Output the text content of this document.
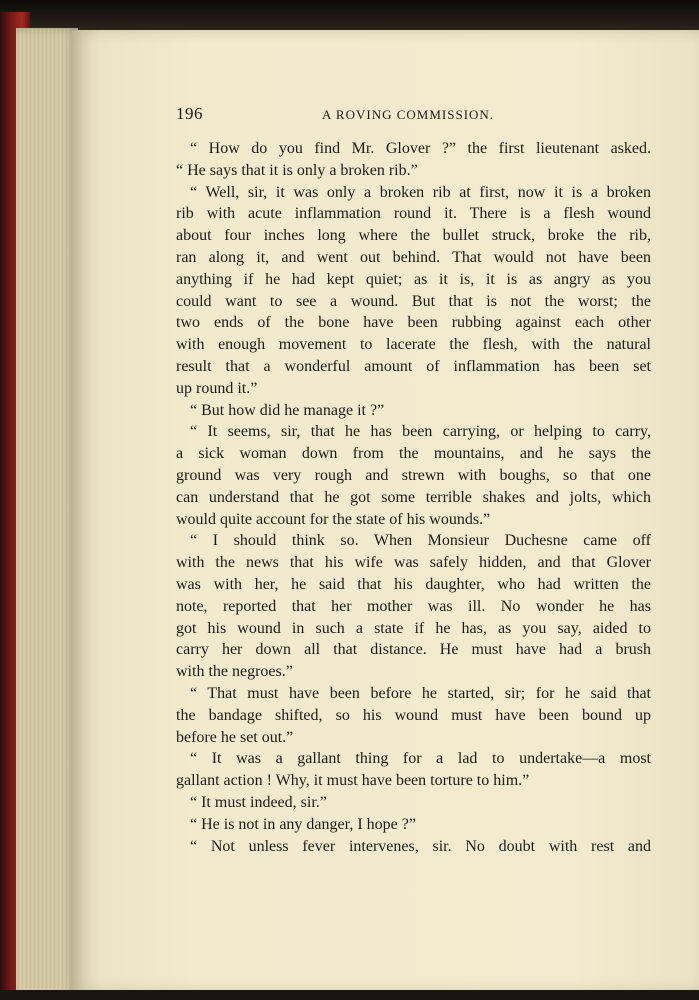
196	A ROVING COMMISSION.
“ How do you find Mr. Glover ?” the first lieutenant asked.
“ He says that it is only a broken rib.”
“ Well, sir, it was only a broken rib at first, now it is a broken
rib with acute inflammation round it. There is a flesh wound
about four inches long where the bullet struck, broke the rib,
ran along it, and went out behind. That would not have been
anything if he had kept quiet; as it is, it is as angry as you
could want to see a wound. But that is not the worst; the
two ends of the bone have been rubbing against each other
with enough movement to lacerate the flesh, with the natural
result that a wonderful amount of inflammation has been set
up round it.”
“ But how did he manage it ?”
“ It seems, sir, that he has been carrying, or helping to carry,
a sick woman down from the mountains, and he says the
ground was very rough and strewn with boughs, so that one
can understand that he got some terrible shakes and jolts, which
would quite account for the state of his wounds.”
“ I should think so. When Monsieur Duchesne came off
with the news that his wife was safely hidden, and that Glover
was with her, he said that his daughter, who had written the
note, reported that her mother was ill. No wonder he has
got his wound in such a state if he has, as you say, aided to
carry her down all that distance. He must have had a brush
with the negroes.”
“ That must have been before he started, sir; for he said that
the bandage shifted, so his wound must have been bound up
before he set out.”
“ It was a gallant thing for a lad to undertake—a most
gallant action ! Why, it must have been torture to him.”
“ It must indeed, sir.”
“ He is not in any danger, I hope ?”
“ Not unless fever intervenes, sir. No doubt with rest and
